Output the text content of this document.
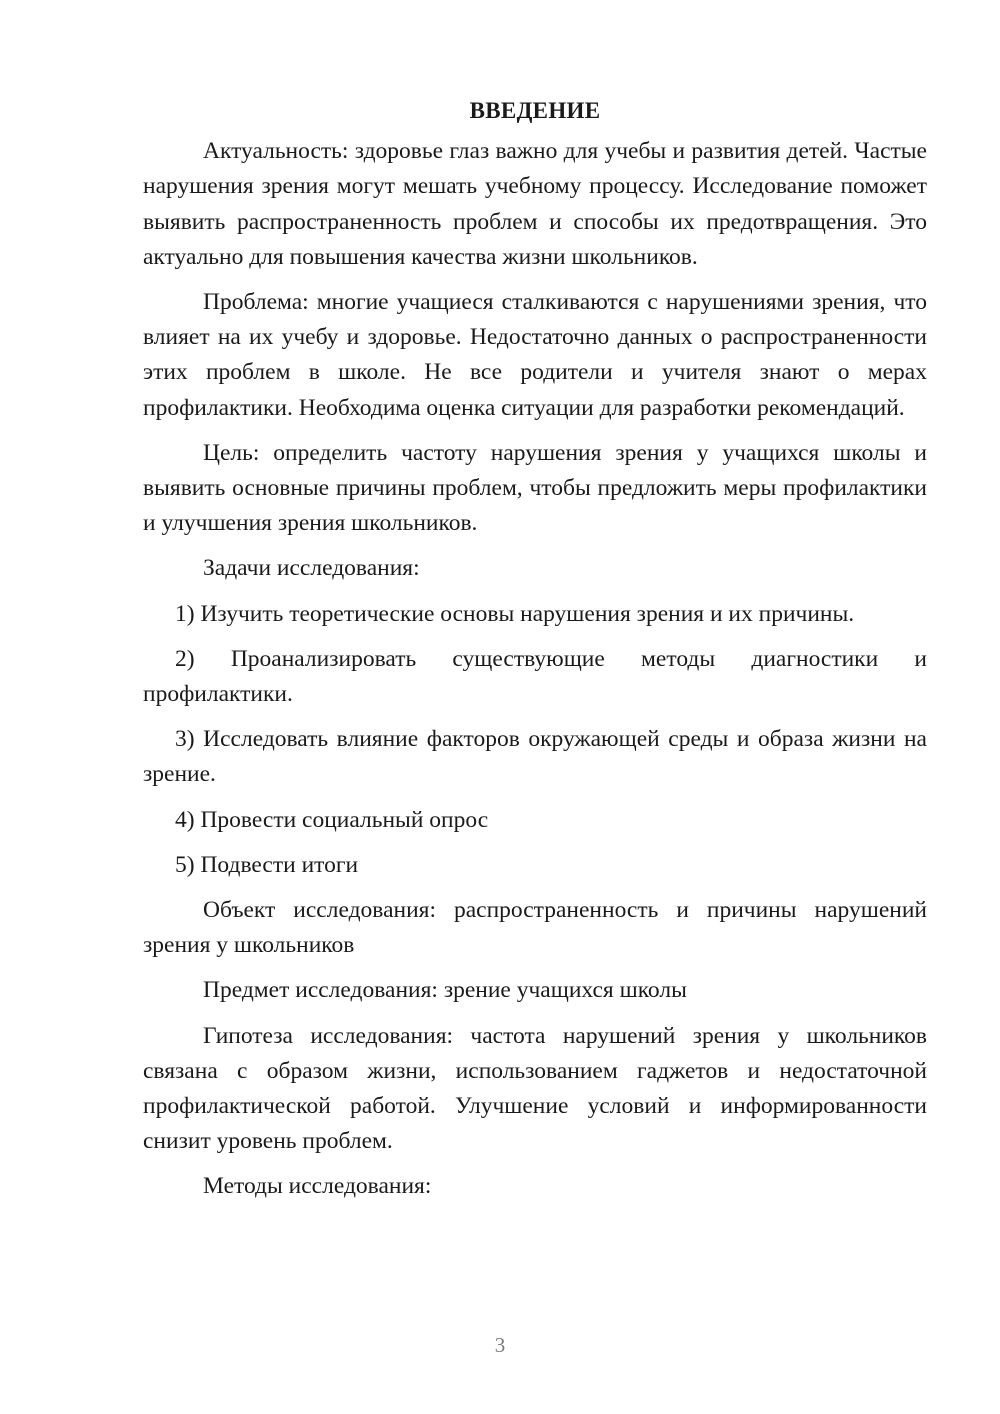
ВВЕДЕНИЕ

Актуальность: здоровье глаз важно для учебы и развития детей. Частые нарушения зрения могут мешать учебному процессу. Исследование поможет выявить распространенность проблем и способы их предотвращения. Это актуально для повышения качества жизни школьников.

Проблема: многие учащиеся сталкиваются с нарушениями зрения, что влияет на их учебу и здоровье. Недостаточно данных о распространенности этих проблем в школе. Не все родители и учителя знают о мерах профилактики. Необходима оценка ситуации для разработки рекомендаций.

Цель: определить частоту нарушения зрения у учащихся школы и выявить основные причины проблем, чтобы предложить меры профилактики и улучшения зрения школьников.

Задачи исследования:

1) Изучить теоретические основы нарушения зрения и их причины.

2) Проанализировать существующие методы диагностики и профилактики.

3) Исследовать влияние факторов окружающей среды и образа жизни на зрение.

4) Провести социальный опрос

5) Подвести итоги

Объект исследования: распространенность и причины нарушений зрения у школьников

Предмет исследования: зрение учащихся школы

Гипотеза исследования: частота нарушений зрения у школьников связана с образом жизни, использованием гаджетов и недостаточной профилактической работой. Улучшение условий и информированности снизит уровень проблем.

Методы исследования:

3
